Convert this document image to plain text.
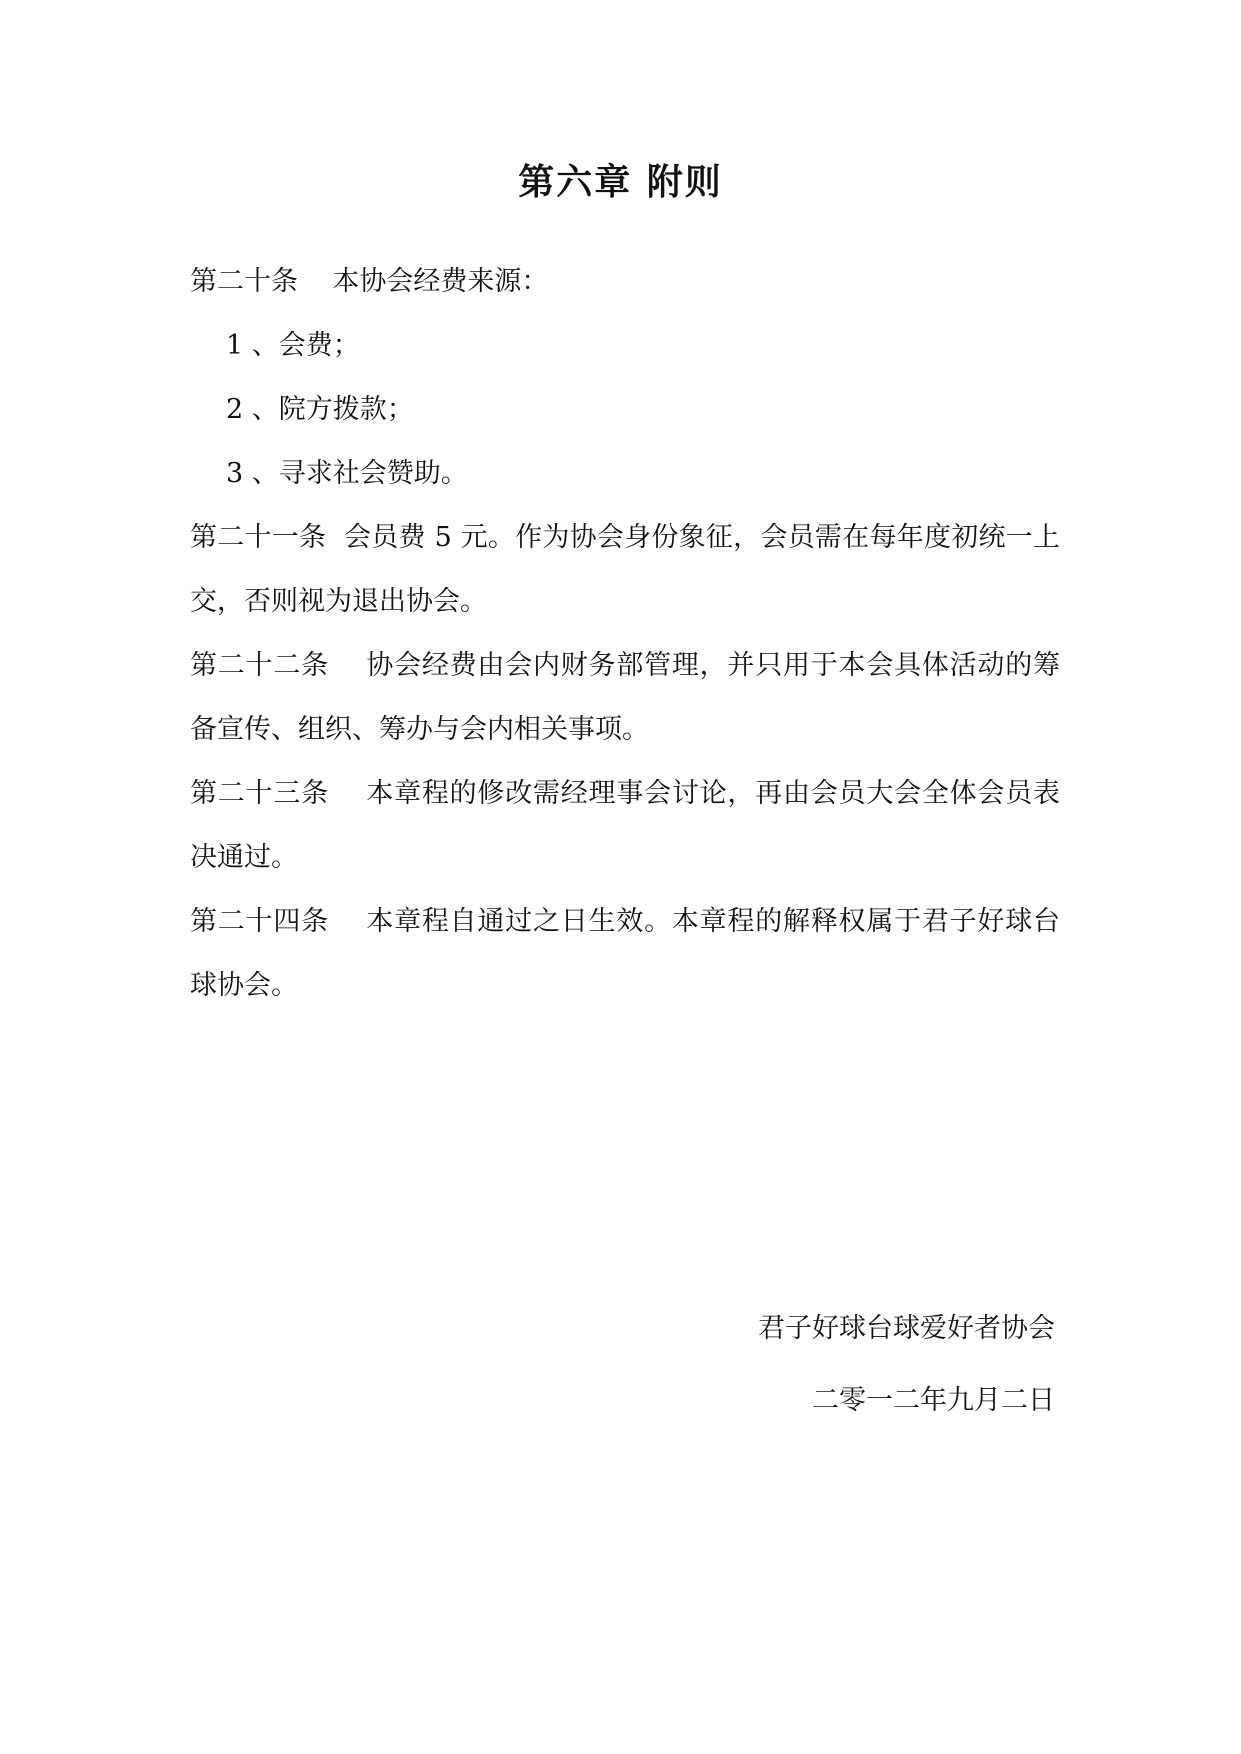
第六章 附则

第二十条    本协会经费来源：

1 、会费；

2 、院方拨款；

3 、寻求社会赞助。

第二十一条  会员费 5 元。作为协会身份象征，会员需在每年度初统一上交，否则视为退出协会。

第二十二条    协会经费由会内财务部管理，并只用于本会具体活动的筹备宣传、组织、筹办与会内相关事项。

第二十三条    本章程的修改需经理事会讨论，再由会员大会全体会员表决通过。

第二十四条    本章程自通过之日生效。本章程的解释权属于君子好球台球协会。

君子好球台球爱好者协会

二零一二年九月二日
